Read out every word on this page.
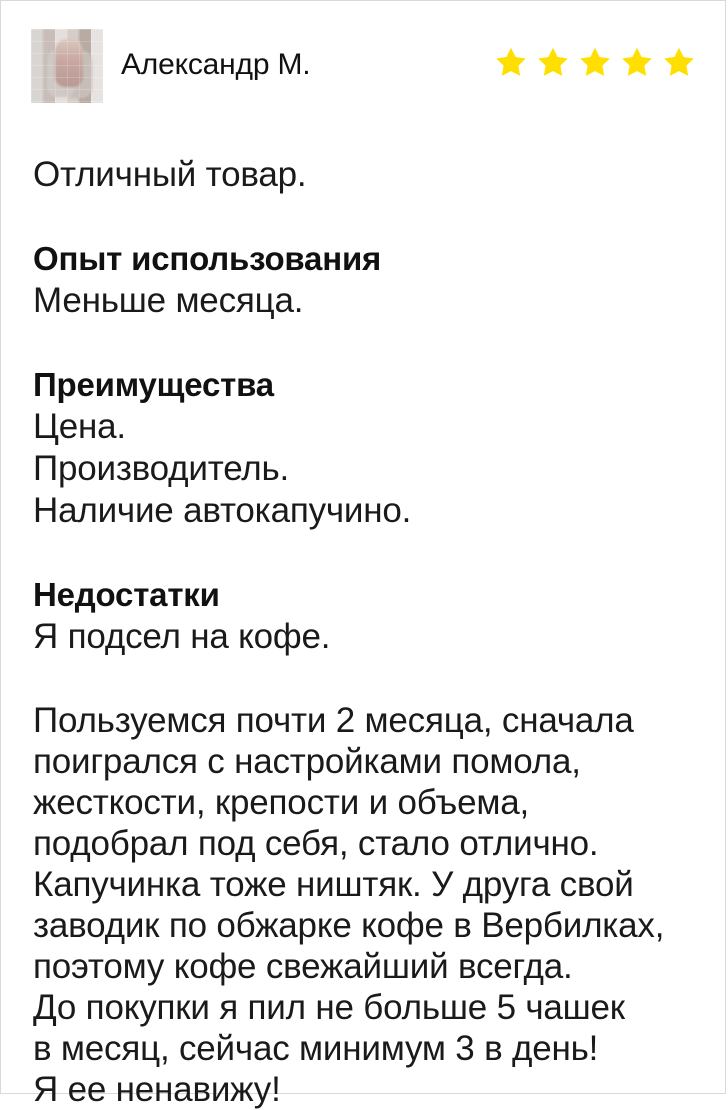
Александр М.

Отличный товар.

Опыт использования

Меньше месяца.

Преимущества

Цена.

Производитель.

Наличие автокапучино.

Недостатки

Я подсел на кофе.

Пользуемся почти 2 месяца, сначала

поигрался с настройками помола,

жесткости, крепости и объема,

подобрал под себя, стало отлично.

Капучинка тоже ништяк. У друга свой

заводик по обжарке кофе в Вербилках,

поэтому кофе свежайший всегда.

До покупки я пил не больше 5 чашек

в месяц, сейчас минимум 3 в день!

Я ее ненавижу!
